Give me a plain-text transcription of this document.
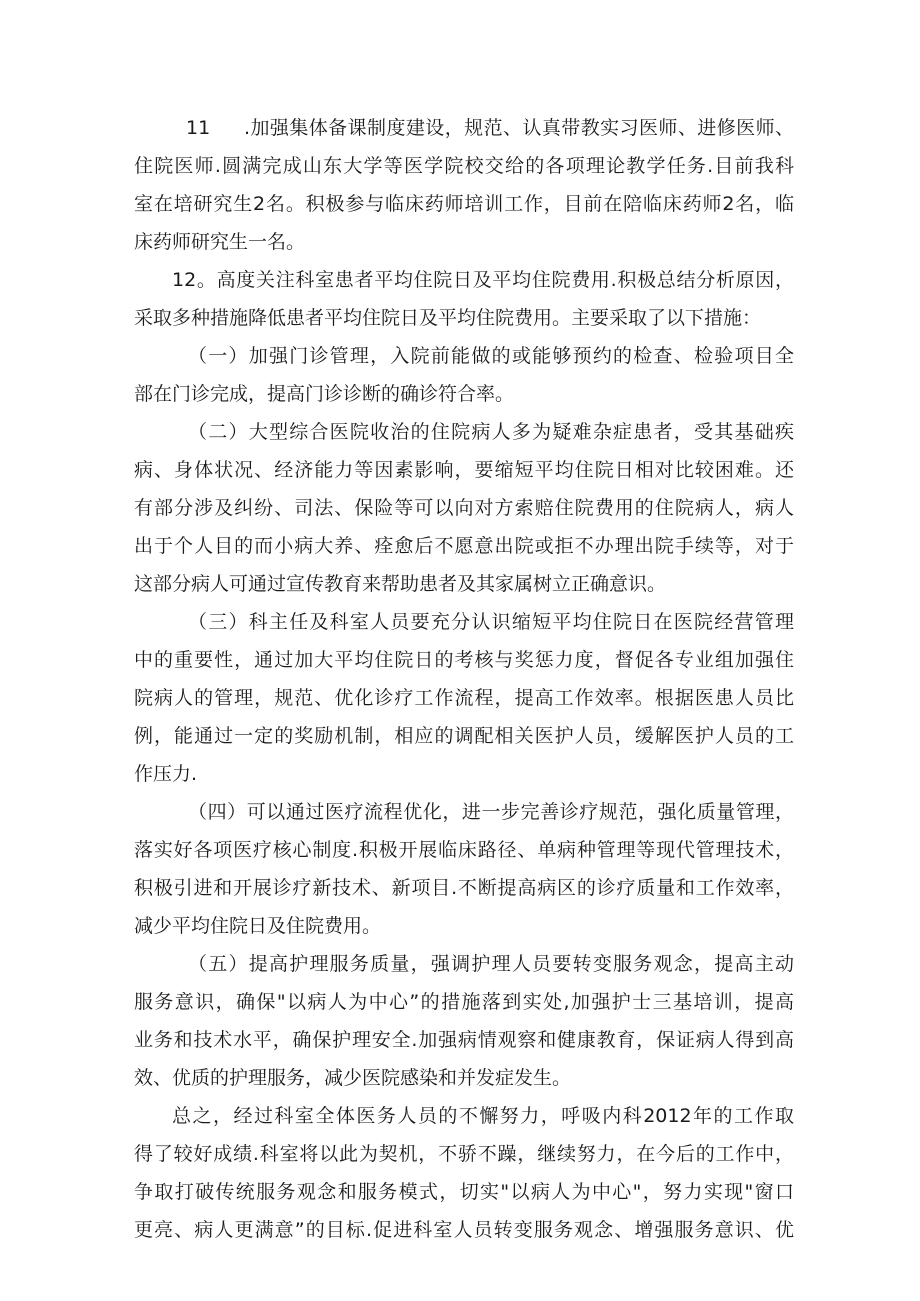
11 .加强集体备课制度建设，规范、认真带教实习医师、进修医师、
住院医师.圆满完成山东大学等医学院校交给的各项理论教学任务.目前我科
室在培研究生2名。积极参与临床药师培训工作，目前在陪临床药师2名，临
床药师研究生一名。
12。高度关注科室患者平均住院日及平均住院费用.积极总结分析原因，
采取多种措施降低患者平均住院日及平均住院费用。主要采取了以下措施：
（一）加强门诊管理，入院前能做的或能够预约的检查、检验项目全
部在门诊完成，提高门诊诊断的确诊符合率。
（二）大型综合医院收治的住院病人多为疑难杂症患者，受其基础疾
病、身体状况、经济能力等因素影响，要缩短平均住院日相对比较困难。还
有部分涉及纠纷、司法、保险等可以向对方索赔住院费用的住院病人，病人
出于个人目的而小病大养、痊愈后不愿意出院或拒不办理出院手续等，对于
这部分病人可通过宣传教育来帮助患者及其家属树立正确意识。
（三）科主任及科室人员要充分认识缩短平均住院日在医院经营管理
中的重要性，通过加大平均住院日的考核与奖惩力度，督促各专业组加强住
院病人的管理，规范、优化诊疗工作流程，提高工作效率。根据医患人员比
例，能通过一定的奖励机制，相应的调配相关医护人员，缓解医护人员的工
作压力.
（四）可以通过医疗流程优化，进一步完善诊疗规范，强化质量管理，
落实好各项医疗核心制度.积极开展临床路径、单病种管理等现代管理技术，
积极引进和开展诊疗新技术、新项目.不断提高病区的诊疗质量和工作效率，
减少平均住院日及住院费用。
（五）提高护理服务质量，强调护理人员要转变服务观念，提高主动
服务意识，确保"以病人为中心”的措施落到实处,加强护士三基培训，提高
业务和技术水平，确保护理安全.加强病情观察和健康教育，保证病人得到高
效、优质的护理服务，减少医院感染和并发症发生。
总之，经过科室全体医务人员的不懈努力，呼吸内科2012年的工作取
得了较好成绩.科室将以此为契机，不骄不躁，继续努力，在今后的工作中，
争取打破传统服务观念和服务模式，切实"以病人为中心"，努力实现"窗口
更亮、病人更满意”的目标.促进科室人员转变服务观念、增强服务意识、优
